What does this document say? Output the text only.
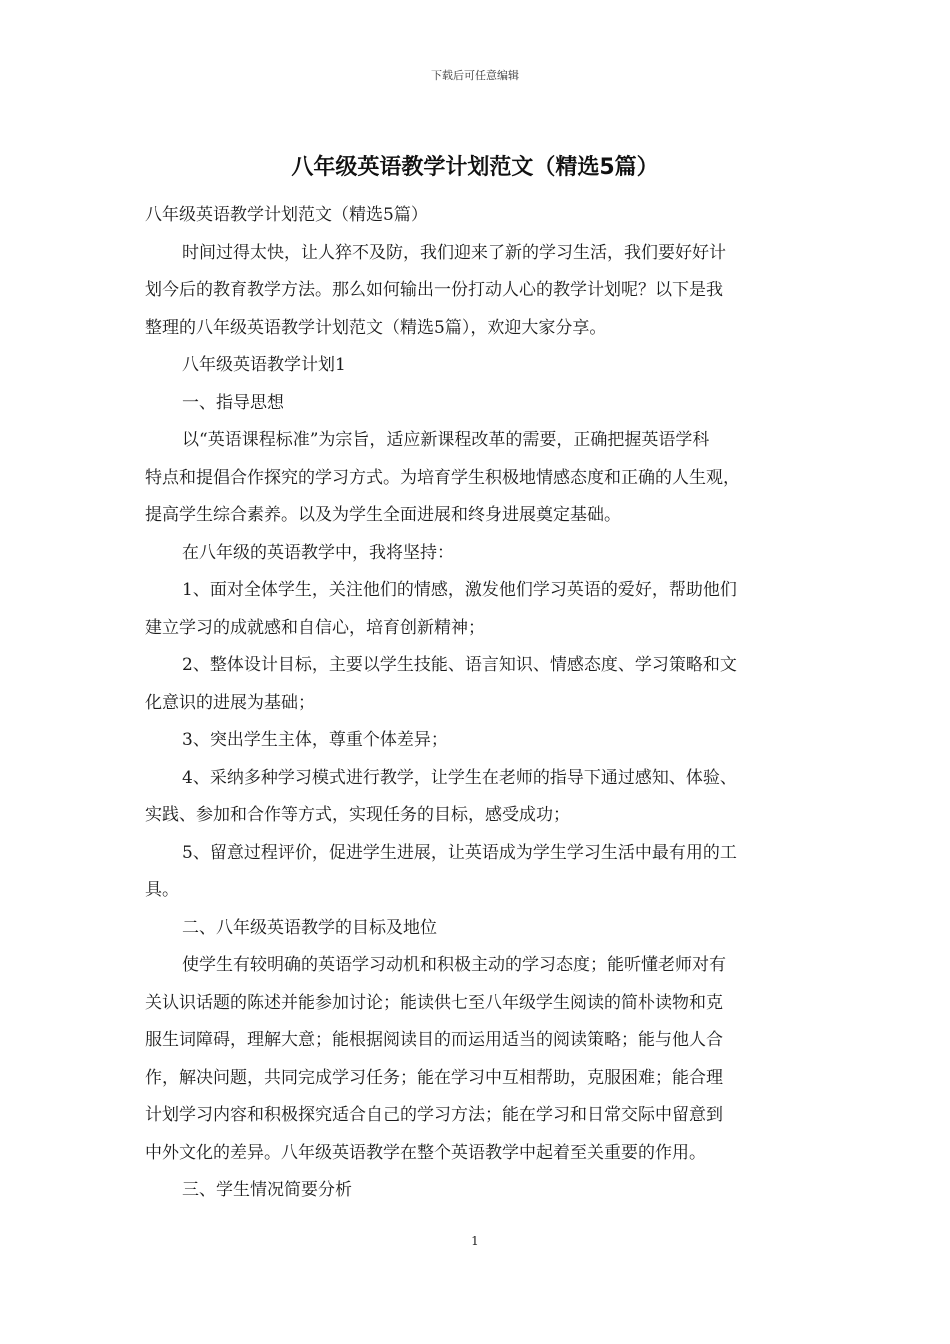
下载后可任意编辑
八年级英语教学计划范文（精选5篇）
八年级英语教学计划范文（精选5篇）
时间过得太快，让人猝不及防，我们迎来了新的学习生活，我们要好好计
划今后的教育教学方法。那么如何输出一份打动人心的教学计划呢？以下是我
整理的八年级英语教学计划范文（精选5篇），欢迎大家分享。
八年级英语教学计划1
一、指导思想
以“英语课程标准”为宗旨，适应新课程改革的需要，正确把握英语学科
特点和提倡合作探究的学习方式。为培育学生积极地情感态度和正确的人生观，
提高学生综合素养。以及为学生全面进展和终身进展奠定基础。
在八年级的英语教学中，我将坚持：
1、面对全体学生，关注他们的情感，激发他们学习英语的爱好，帮助他们
建立学习的成就感和自信心，培育创新精神；
2、整体设计目标，主要以学生技能、语言知识、情感态度、学习策略和文
化意识的进展为基础；
3、突出学生主体，尊重个体差异；
4、采纳多种学习模式进行教学，让学生在老师的指导下通过感知、体验、
实践、参加和合作等方式，实现任务的目标，感受成功；
5、留意过程评价，促进学生进展，让英语成为学生学习生活中最有用的工
具。
二、八年级英语教学的目标及地位
使学生有较明确的英语学习动机和积极主动的学习态度；能听懂老师对有
关认识话题的陈述并能参加讨论；能读供七至八年级学生阅读的简朴读物和克
服生词障碍，理解大意；能根据阅读目的而运用适当的阅读策略；能与他人合
作，解决问题，共同完成学习任务；能在学习中互相帮助，克服困难；能合理
计划学习内容和积极探究适合自己的学习方法；能在学习和日常交际中留意到
中外文化的差异。八年级英语教学在整个英语教学中起着至关重要的作用。
三、学生情况简要分析
1
